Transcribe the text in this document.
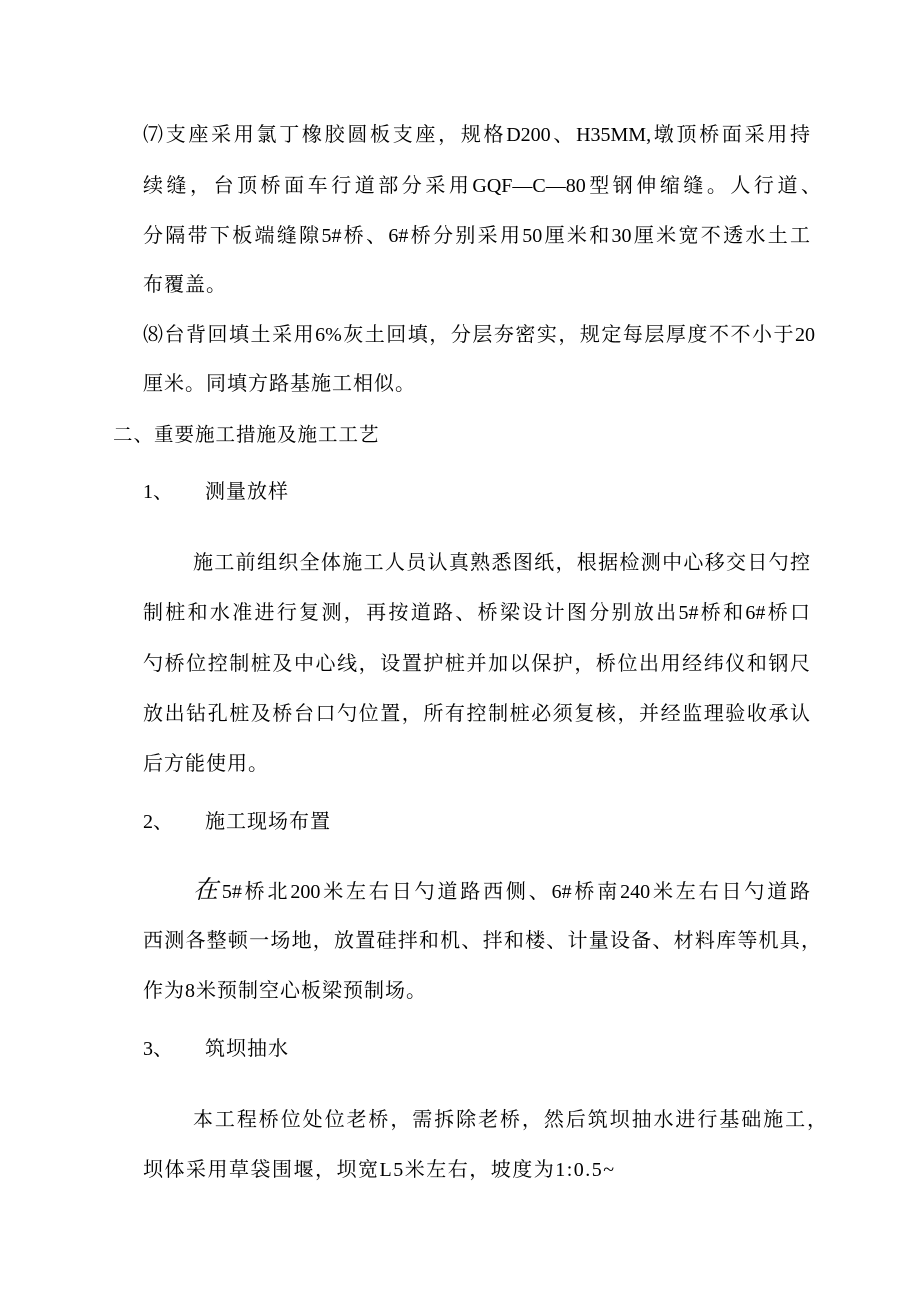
⑺支座采用氯丁橡胶圆板支座，规格D200、H35MM,墩顶桥面采用持
续缝，台顶桥面车行道部分采用GQF—C—80型钢伸缩缝。人行道、
分隔带下板端缝隙5#桥、6#桥分别采用50厘米和30厘米宽不透水土工
布覆盖。
⑻台背回填土采用6%灰土回填，分层夯密实，规定每层厚度不不小于20
厘米。同填方路基施工相似。
二、重要施工措施及施工工艺
1、 测量放样
施工前组织全体施工人员认真熟悉图纸，根据检测中心移交日勺控
制桩和水准进行复测，再按道路、桥梁设计图分别放出5#桥和6#桥口
勺桥位控制桩及中心线，设置护桩并加以保护，桥位出用经纬仪和钢尺
放出钻孔桩及桥台口勺位置，所有控制桩必须复核，并经监理验收承认
后方能使用。
2、 施工现场布置
在5#桥北200米左右日勺道路西侧、6#桥南240米左右日勺道路
西测各整顿一场地，放置硅拌和机、拌和楼、计量设备、材料库等机具，
作为8米预制空心板梁预制场。
3、 筑坝抽水
本工程桥位处位老桥，需拆除老桥，然后筑坝抽水进行基础施工，
坝体采用草袋围堰，坝宽L5米左右，坡度为1:0.5~
